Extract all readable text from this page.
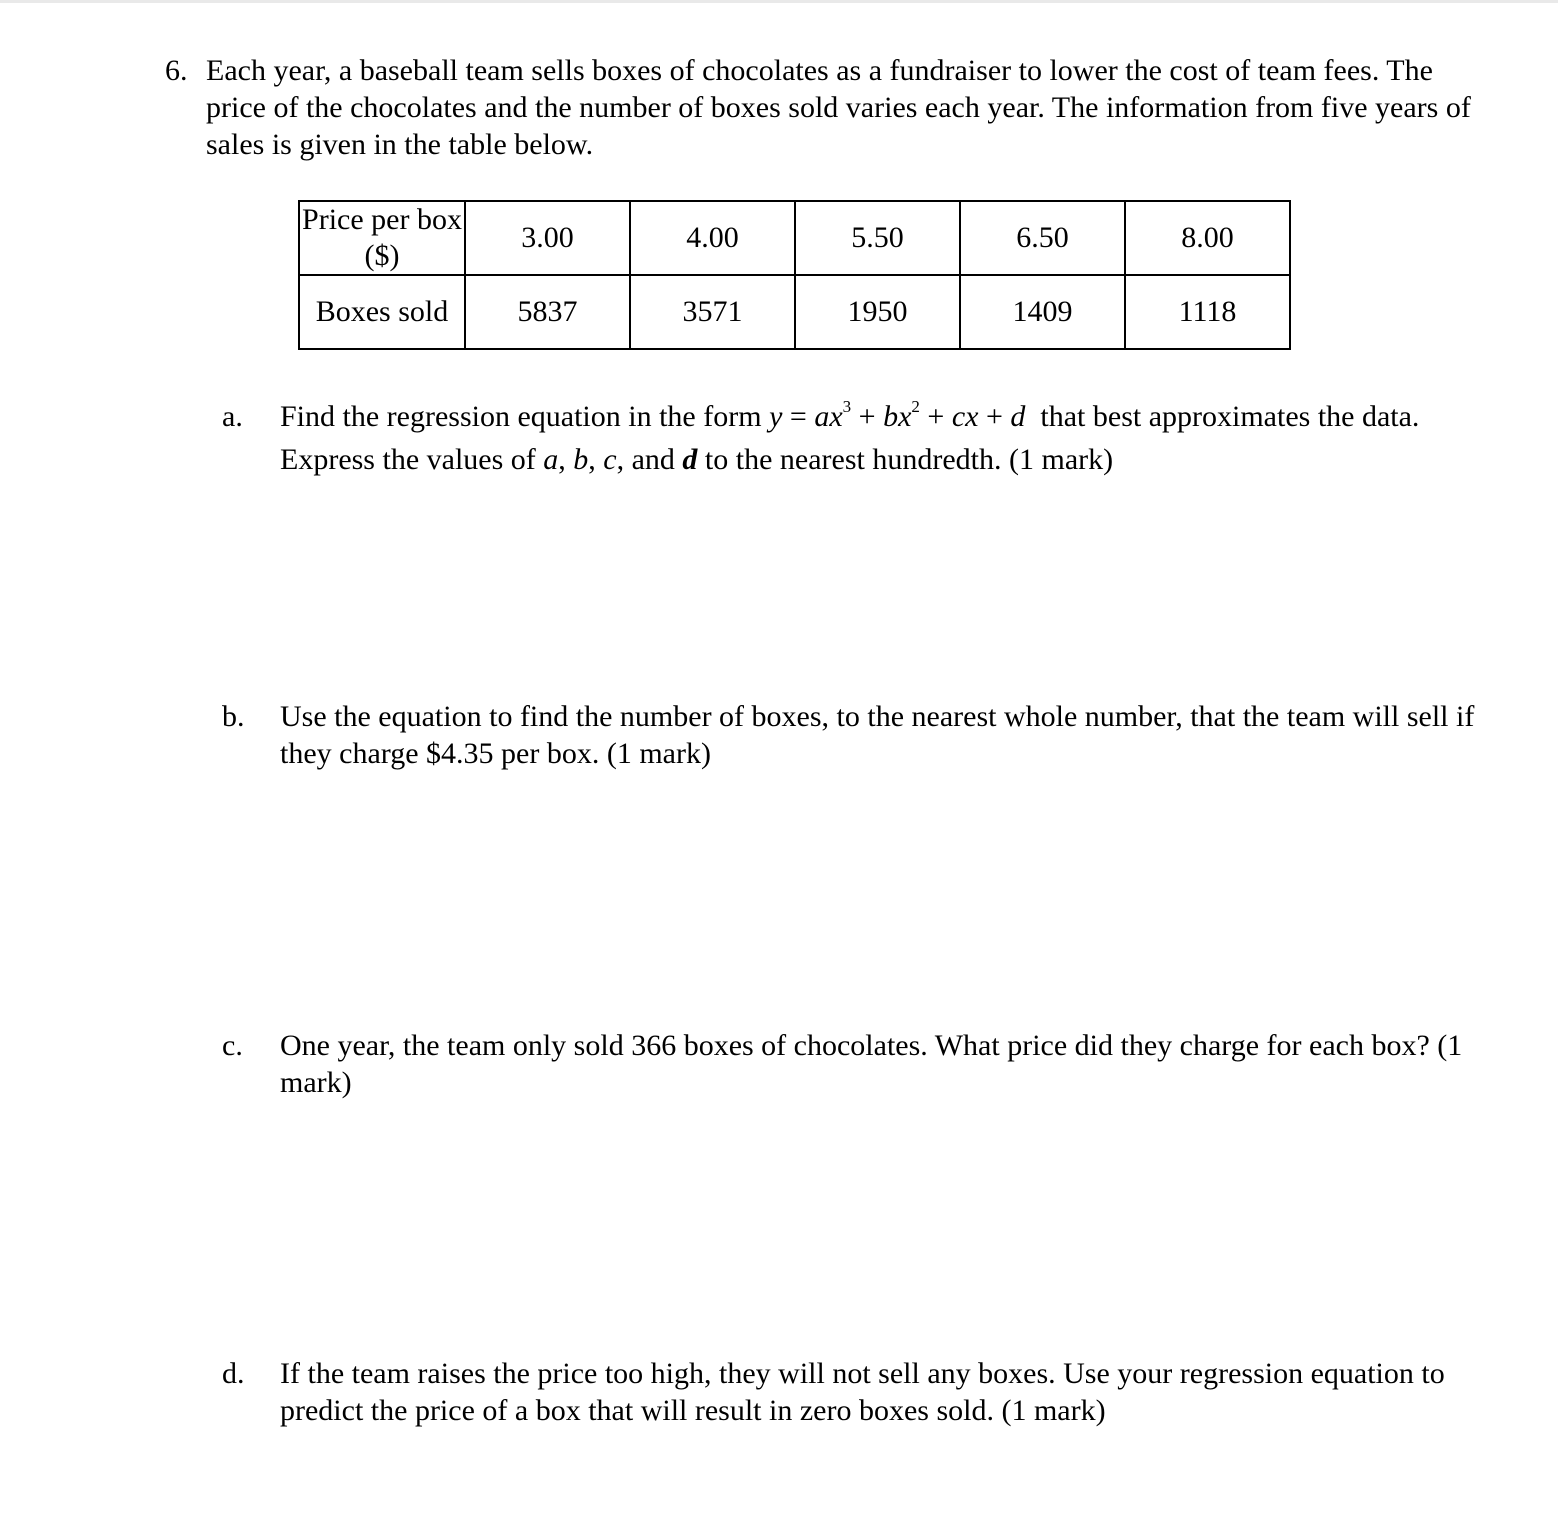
6. Each year, a baseball team sells boxes of chocolates as a fundraiser to lower the cost of team fees. The price of the chocolates and the number of boxes sold varies each year. The information from five years of sales is given in the table below.
Price per box ($)	3.00	4.00	5.50	6.50	8.00
Boxes sold	5837	3571	1950	1409	1118
a. Find the regression equation in the form $y = ax^3 + bx^2$ + cx + d that best approximates the data. Express the values of a, b, c, and d to the nearest hundredth. (1 mark)
b. Use the equation to find the number of boxes, to the nearest whole number, that the team will sell if they charge $4.35 per box. (1 mark)
c. One year, the team only sold 366 boxes of chocolates. What price did they charge for each box? (1 mark)
d. If the team raises the price too high, they will not sell any boxes. Use your regression equation to predict the price of a box that will result in zero boxes sold. (1 mark)
